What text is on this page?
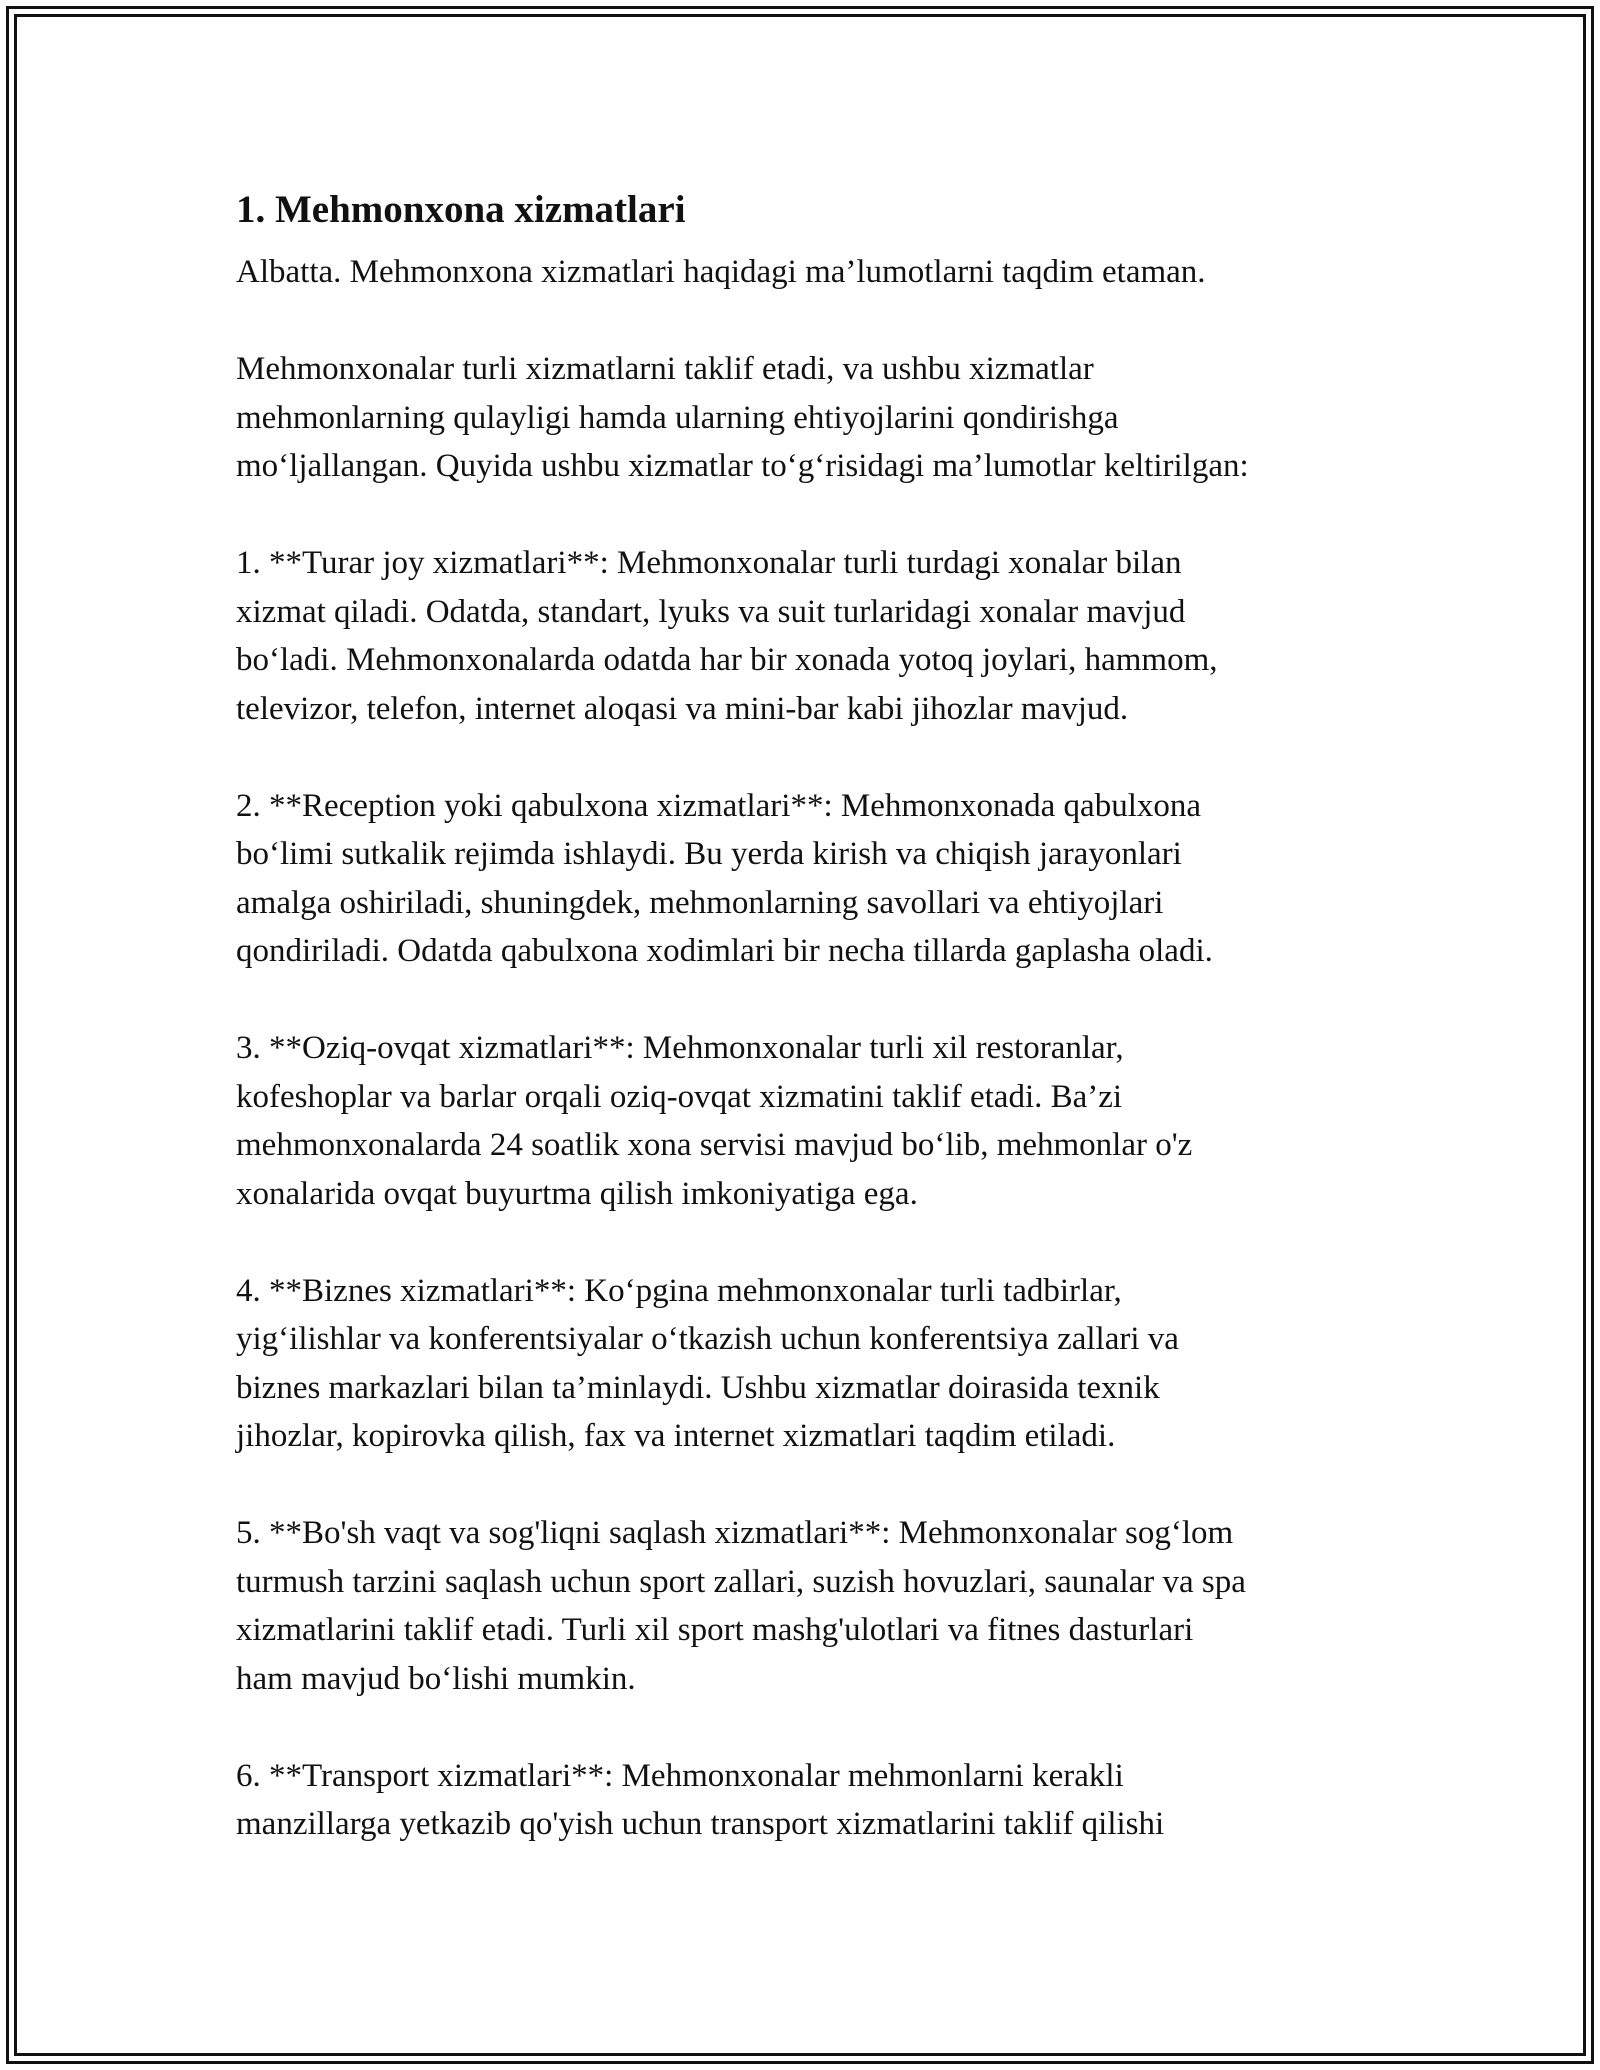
1. Mehmonxona xizmatlari

Albatta. Mehmonxona xizmatlari haqidagi ma’lumotlarni taqdim etaman.

Mehmonxonalar turli xizmatlarni taklif etadi, va ushbu xizmatlar
mehmonlarning qulayligi hamda ularning ehtiyojlarini qondirishga
mo‘ljallangan. Quyida ushbu xizmatlar to‘g‘risidagi ma’lumotlar keltirilgan:

1. **Turar joy xizmatlari**: Mehmonxonalar turli turdagi xonalar bilan
xizmat qiladi. Odatda, standart, lyuks va suit turlaridagi xonalar mavjud
bo‘ladi. Mehmonxonalarda odatda har bir xonada yotoq joylari, hammom,
televizor, telefon, internet aloqasi va mini-bar kabi jihozlar mavjud.

2. **Reception yoki qabulxona xizmatlari**: Mehmonxonada qabulxona
bo‘limi sutkalik rejimda ishlaydi. Bu yerda kirish va chiqish jarayonlari
amalga oshiriladi, shuningdek, mehmonlarning savollari va ehtiyojlari
qondiriladi. Odatda qabulxona xodimlari bir necha tillarda gaplasha oladi.

3. **Oziq-ovqat xizmatlari**: Mehmonxonalar turli xil restoranlar,
kofeshoplar va barlar orqali oziq-ovqat xizmatini taklif etadi. Ba’zi
mehmonxonalarda 24 soatlik xona servisi mavjud bo‘lib, mehmonlar o'z
xonalarida ovqat buyurtma qilish imkoniyatiga ega.

4. **Biznes xizmatlari**: Ko‘pgina mehmonxonalar turli tadbirlar,
yig‘ilishlar va konferentsiyalar o‘tkazish uchun konferentsiya zallari va
biznes markazlari bilan ta’minlaydi. Ushbu xizmatlar doirasida texnik
jihozlar, kopirovka qilish, fax va internet xizmatlari taqdim etiladi.

5. **Bo'sh vaqt va sog'liqni saqlash xizmatlari**: Mehmonxonalar sog‘lom
turmush tarzini saqlash uchun sport zallari, suzish hovuzlari, saunalar va spa
xizmatlarini taklif etadi. Turli xil sport mashg'ulotlari va fitnes dasturlari
ham mavjud bo‘lishi mumkin.

6. **Transport xizmatlari**: Mehmonxonalar mehmonlarni kerakli
manzillarga yetkazib qo'yish uchun transport xizmatlarini taklif qilishi
